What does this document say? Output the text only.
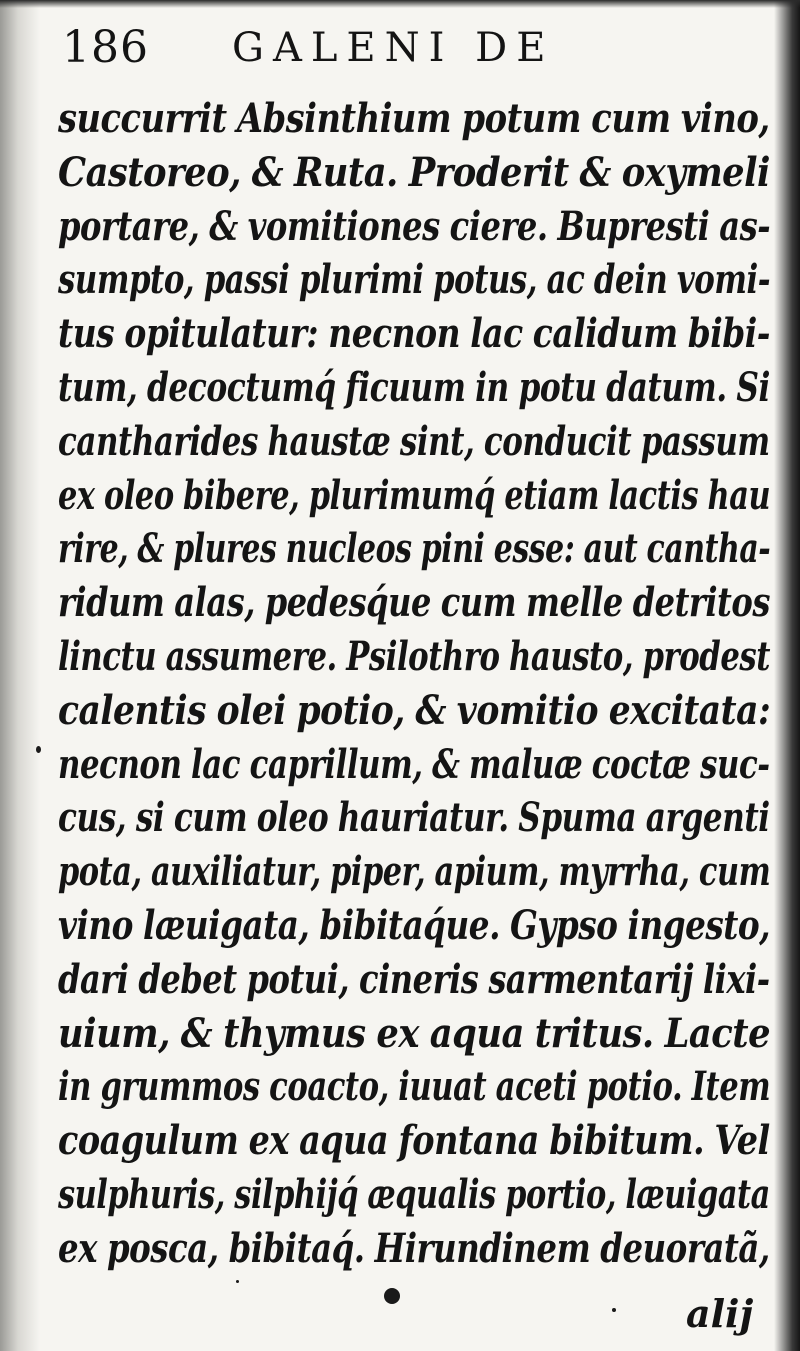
186 GALENI DE
succurrit Absinthium potum cum vino,
Castoreo, & Ruta. Proderit & oxymeli
portare, & vomitiones ciere. Bupresti as-
sumpto, passi plurimi potus, ac dein vomi-
tus opitulatur: necnon lac calidum bibi-
tum, decoctumq́ ficuum in potu datum. Si
cantharides haustæ sint, conducit passum
ex oleo bibere, plurimumq́ etiam lactis hau
rire, & plures nucleos pini esse: aut cantha-
ridum alas, pedesq́ue cum melle detritos
linctu assumere. Psilothro hausto, prodest
calentis olei potio, & vomitio excitata:
necnon lac caprillum, & maluæ coctæ suc-
cus, si cum oleo hauriatur. Spuma argenti
pota, auxiliatur, piper, apium, myrrha, cum
vino læuigata, bibitaq́ue. Gypso ingesto,
dari debet potui, cineris sarmentarij lixi-
uium, & thymus ex aqua tritus. Lacte
in grummos coacto, iuuat aceti potio. Item
coagulum ex aqua fontana bibitum. Vel
sulphuris, silphijq́ æqualis portio, læuigata
ex posca, bibitaq́. Hirundinem deuoratã,
alij
